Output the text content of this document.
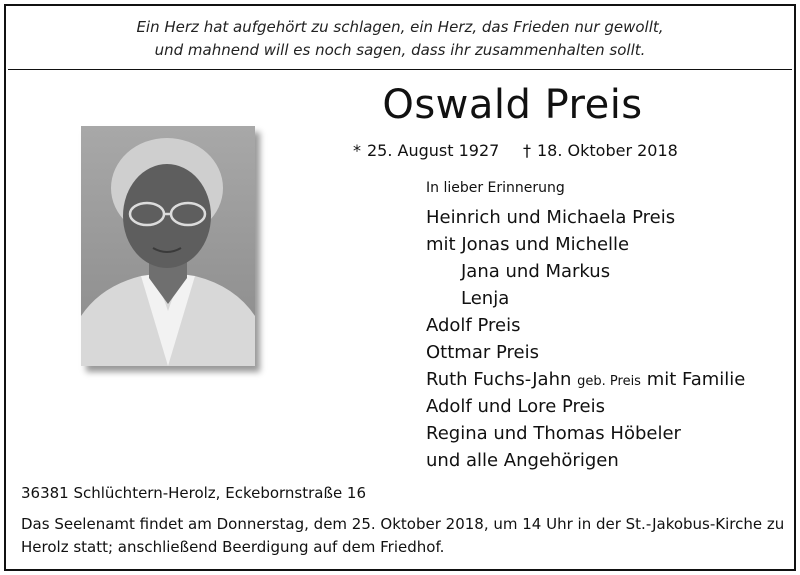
Ein Herz hat aufgehört zu schlagen, ein Herz, das Frieden nur gewollt,
und mahnend will es noch sagen, dass ihr zusammenhalten sollt.
Oswald Preis
* 25. August 1927 † 18. Oktober 2018
In lieber Erinnerung
Heinrich und Michaela Preis
mit Jonas und Michelle
Jana und Markus
Lenja
Adolf Preis
Ottmar Preis
Ruth Fuchs-Jahn geb. Preis mit Familie
Adolf und Lore Preis
Regina und Thomas Höbeler
und alle Angehörigen
36381 Schlüchtern-Herolz, Eckebornstraße 16
Das Seelenamt findet am Donnerstag, dem 25. Oktober 2018, um 14 Uhr in der St.-Jakobus-Kirche zu
Herolz statt; anschließend Beerdigung auf dem Friedhof.
